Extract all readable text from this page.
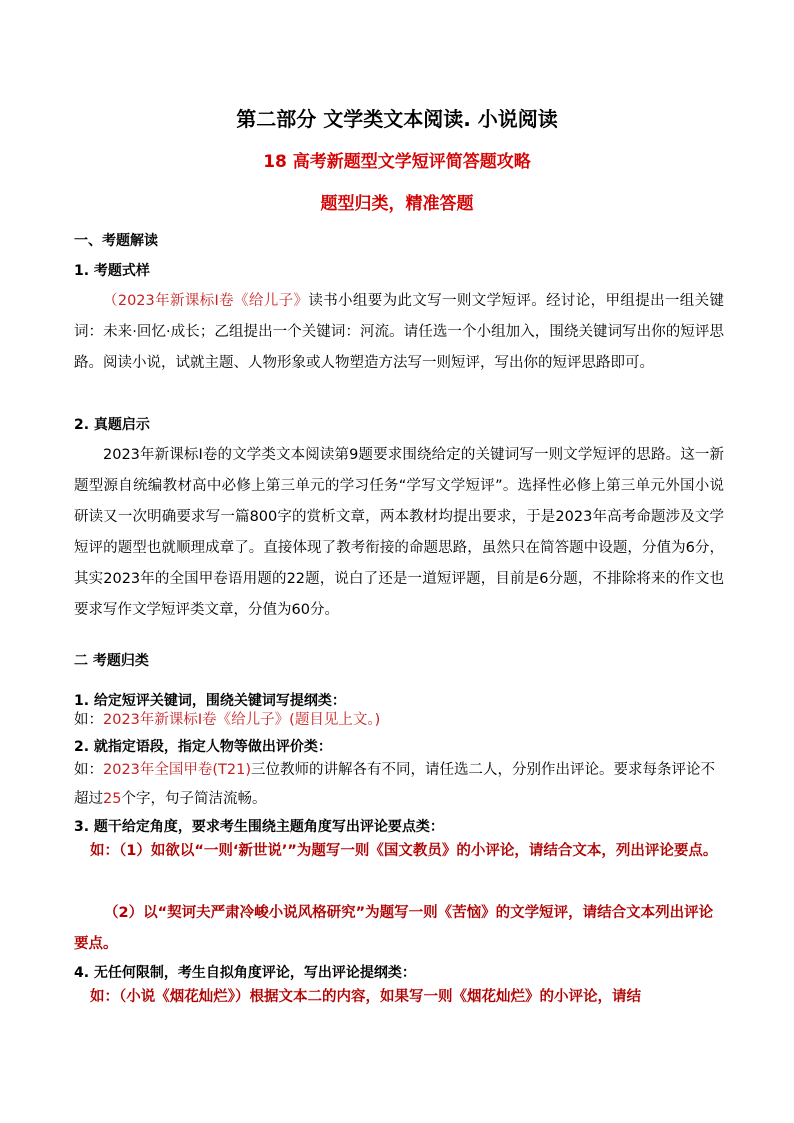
第二部分 文学类文本阅读. 小说阅读
18 高考新题型文学短评简答题攻略
题型归类，精准答题
一、考题解读
1. 考题式样
（2023年新课标Ⅰ卷《给儿子》读书小组要为此文写一则文学短评。经讨论，甲组提出一组关键词：未来·回忆·成长；乙组提出一个关键词：河流。请任选一个小组加入，围绕关键词写出你的短评思路。阅读小说，试就主题、人物形象或人物塑造方法写一则短评，写出你的短评思路即可。
2. 真题启示
2023年新课标Ⅰ卷的文学类文本阅读第9题要求围绕给定的关键词写一则文学短评的思路。这一新题型源自统编教材高中必修上第三单元的学习任务“学写文学短评”。选择性必修上第三单元外国小说研读又一次明确要求写一篇800字的赏析文章，两本教材均提出要求，于是2023年高考命题涉及文学短评的题型也就顺理成章了。直接体现了教考衔接的命题思路，虽然只在简答题中设题，分值为6分，其实2023年的全国甲卷语用题的22题，说白了还是一道短评题，目前是6分题，不排除将来的作文也要求写作文学短评类文章，分值为60分。
二 考题归类
1. 给定短评关键词，围绕关键词写提纲类：
如：2023年新课标Ⅰ卷《给儿子》(题目见上文。)
2. 就指定语段，指定人物等做出评价类：
如：2023年全国甲卷(T21)三位教师的讲解各有不同，请任选二人，分别作出评论。要求每条评论不超过25个字，句子简洁流畅。
3. 题干给定角度，要求考生围绕主题角度写出评论要点类：
如：（1）如欲以“一则‘新世说’”为题写一则《国文教员》的小评论，请结合文本，列出评论要点。
（2）以“契诃夫严肃冷峻小说风格研究”为题写一则《苦恼》的文学短评，请结合文本列出评论要点。
4. 无任何限制，考生自拟角度评论，写出评论提纲类：
如：（小说《烟花灿烂》）根据文本二的内容，如果写一则《烟花灿烂》的小评论，请结
